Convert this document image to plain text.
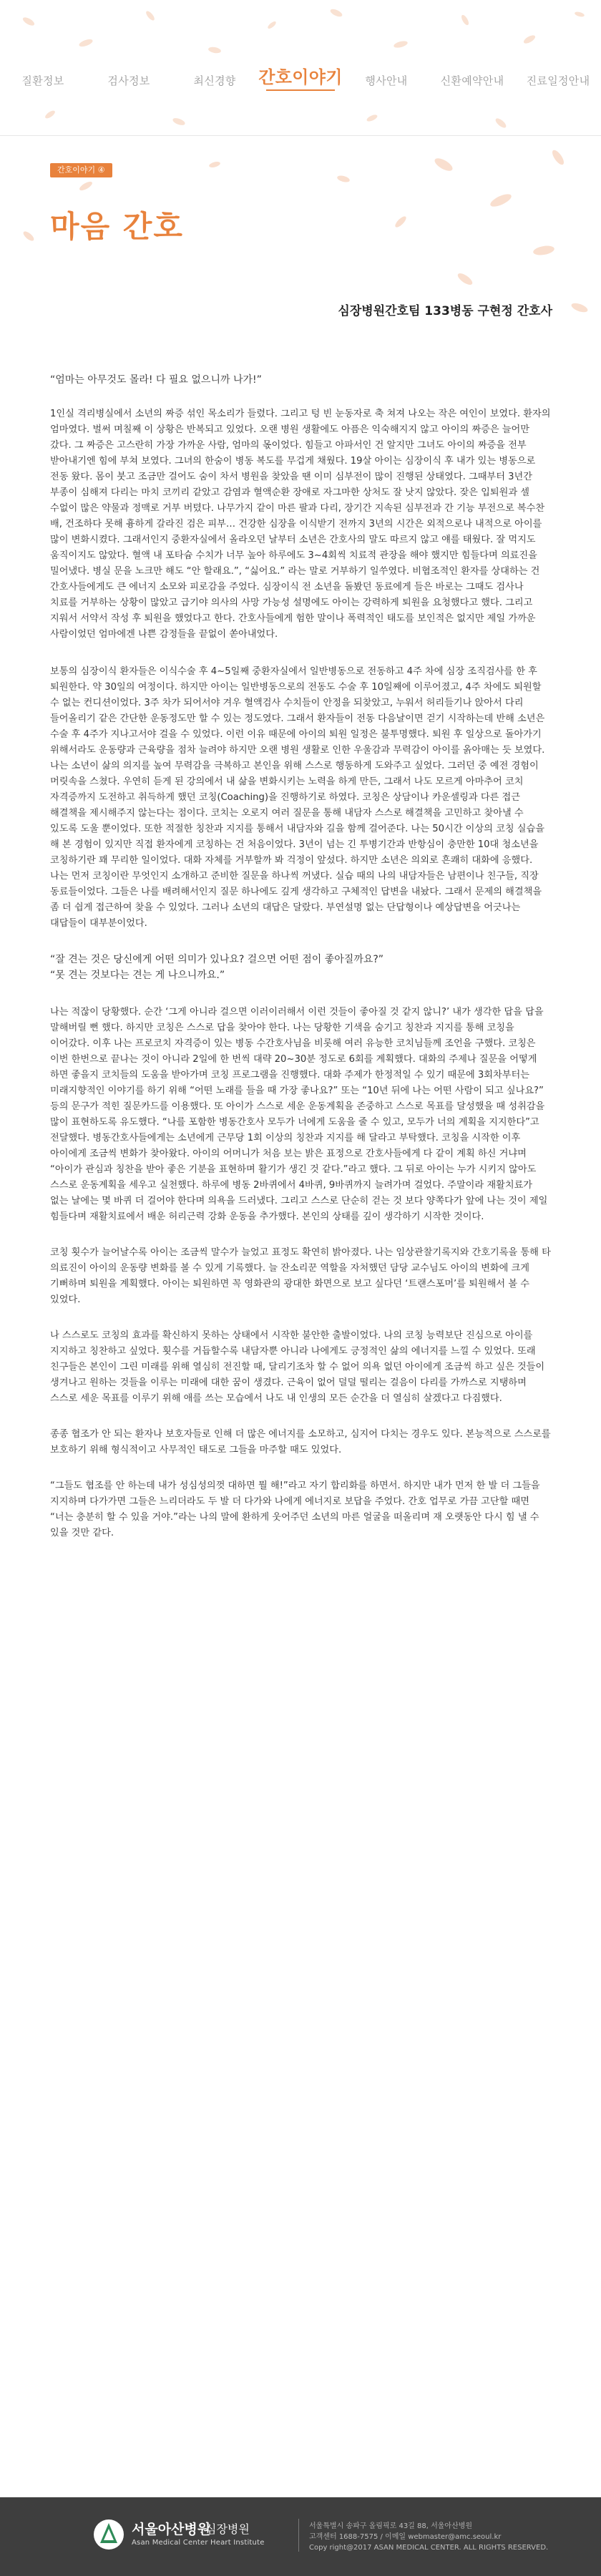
질환정보	검사정보	최신경향	간호이야기	행사안내	신환예약안내	진료일정안내
간호이야기 ④
마음 간호
심장병원간호팀 133병동 구현정 간호사

“엄마는 아무것도 몰라! 다 필요 없으니까 나가!”

1인실 격리병실에서 소년의 짜증 섞인 목소리가 들렸다. 그리고 텅 빈 눈동자로 축 쳐져 나오는 작은 여인이 보였다. 환자의 엄마였다. 벌써 며칠째 이 상황은 반복되고 있었다. 오랜 병원 생활에도 아픔은 익숙해지지 않고 아이의 짜증은 늘어만 갔다. 그 짜증은 고스란히 가장 가까운 사람, 엄마의 몫이었다. 힘들고 아파서인 건 알지만 그녀도 아이의 짜증을 전부 받아내기엔 힘에 부쳐 보였다. 그녀의 한숨이 병동 복도를 무겁게 채웠다. 19살 아이는 심장이식 후 내가 있는 병동으로 전동 왔다. 몸이 붓고 조금만 걸어도 숨이 차서 병원을 찾았을 땐 이미 심부전이 많이 진행된 상태였다. 그때부터 3년간 부종이 심해져 다리는 마치 코끼리 같았고 감염과 혈액순환 장애로 자그마한 상처도 잘 낫지 않았다. 잦은 입퇴원과 셀 수없이 많은 약물과 정맥로 거부 버텼다. 나무가지 같이 마른 팔과 다리, 장기간 지속된 심부전과 간 기능 부전으로 복수찬 배, 건조하다 못해 흉하게 갈라진 검은 피부… 건강한 심장을 이식받기 전까지 3년의 시간은 외적으로나 내적으로 아이를 많이 변화시켰다. 그래서인지 중환자실에서 올라오던 날부터 소년은 간호사의 말도 따르지 않고 얘를 태웠다. 잘 먹지도 움직이지도 않았다. 혈액 내 포타슘 수치가 너무 높아 하루에도 3~4회씩 치료적 관장을 해야 했지만 힘들다며 의료진을 밀어냈다. 병실 문을 노크만 해도 “안 할래요.”, “싫어요.” 라는 말로 거부하기 일쑤였다. 비협조적인 환자를 상대하는 건 간호사들에게도 큰 에너지 소모와 피로감을 주었다. 심장이식 전 소년을 돌봤던 동료에게 들은 바로는 그때도 검사나 치료를 거부하는 상황이 많았고 급기야 의사의 사망 가능성 설명에도 아이는 강력하게 퇴원을 요청했다고 했다. 그리고 지워서 서약서 작성 후 퇴원을 했었다고 한다. 간호사들에게 험한 말이나 폭력적인 태도를 보인적은 없지만 제일 가까운 사람이었던 엄마에겐 나쁜 감정들을 끝없이 쏟아내었다.

보통의 심장이식 환자들은 이식수술 후 4~5일째 중환자실에서 일반병동으로 전동하고 4주 차에 심장 조직검사를 한 후 퇴원한다. 약 30일의 여정이다. 하지만 아이는 일반병동으로의 전동도 수술 후 10일째에 이루어졌고, 4주 차에도 퇴원할 수 없는 컨디션이었다. 3주 차가 되어서야 겨우 혈액검사 수치들이 안정을 되찾았고, 누워서 허리들기나 앉아서 다리 들어올리기 같은 간단한 운동정도만 할 수 있는 정도였다. 그래서 환자들이 전동 다음날이면 걷기 시작하는데 반해 소년은 수술 후 4주가 지나고서야 걸을 수 있었다. 이런 이유 때문에 아이의 퇴원 일정은 불투명했다. 퇴원 후 일상으로 돌아가기 위해서라도 운동량과 근육량을 점차 늘려야 하지만 오랜 병원 생활로 인한 우울감과 무력감이 아이를 옭아매는 듯 보였다. 나는 소년이 삶의 의지를 높여 무력감을 극복하고 본인을 위해 스스로 행동하게 도와주고 싶었다. 그러던 중 예전 경험이 머릿속을 스쳤다. 우연히 듣게 된 강의에서 내 삶을 변화시키는 노력을 하게 만든, 그래서 나도 모르게 아마추어 코치 자격증까지 도전하고 취득하게 했던 코칭(Coaching)을 진행하기로 하였다. 코칭은 상담이나 카운셀링과 다른 접근 해결책을 제시해주지 않는다는 점이다. 코치는 오로지 여러 질문을 통해 내담자 스스로 해결책을 고민하고 찾아낼 수 있도록 도울 뿐이었다. 또한 적절한 칭찬과 지지를 통해서 내담자와 길을 함께 걸어준다. 나는 50시간 이상의 코칭 실습을 해 본 경험이 있지만 직접 환자에게 코칭하는 건 처음이었다. 3년이 넘는 긴 투병기간과 반항심이 충만한 10대 청소년을 코칭하기란 꽤 무리한 일이었다. 대화 자체를 거부할까 봐 걱정이 앞섰다. 하지만 소년은 의외로 흔쾌히 대화에 응했다. 나는 먼저 코칭이란 무엇인지 소개하고 준비한 질문을 하나씩 꺼냈다. 실습 때의 나의 내담자들은 남편이나 친구들, 직장 동료들이었다. 그들은 나를 배려해서인지 질문 하나에도 깊게 생각하고 구체적인 답변을 내놨다. 그래서 문제의 해결책을 좀 더 쉽게 접근하여 찾을 수 있었다. 그러나 소년의 대답은 달랐다. 부연설명 없는 단답형이나 예상답변을 어긋나는 대답들이 대부분이었다.

“잘 견는 것은 당신에게 어떤 의미가 있나요? 걸으면 어떤 점이 좋아질까요?”

“못 견는 것보다는 견는 게 나으니까요.”

나는 적잖이 당황했다. 순간 ‘그게 아니라 걸으면 이러이러해서 이런 것들이 좋아질 것 같지 않니?’ 내가 생각한 답을 답을 말해버릴 뻔 했다. 하지만 코칭은 스스로 답을 찾아야 한다. 나는 당황한 기색을 숨기고 칭찬과 지지를 통해 코칭을 이어갔다. 이후 나는 프로코치 자격증이 있는 병동 수간호사님을 비롯해 여러 유능한 코치님들께 조언을 구했다. 코칭은 이번 한번으로 끝나는 것이 아니라 2일에 한 번씩 대략 20~30분 정도로 6회를 계획했다. 대화의 주제나 질문을 어떻게 하면 좋을지 코치들의 도움을 받아가며 코칭 프로그램을 진행했다. 대화 주제가 한정적일 수 있기 때문에 3회차부터는 미래지향적인 이야기를 하기 위해 “어떤 노래를 들을 때 가장 좋나요?” 또는 “10년 뒤에 나는 어떤 사람이 되고 싶나요?” 등의 문구가 적힌 질문카드를 이용했다. 또 아이가 스스로 세운 운동계획을 존중하고 스스로 목표를 달성했을 때 성취감을 많이 표현하도록 유도했다. “나를 포함한 병동간호사 모두가 너에게 도움을 줄 수 있고, 모두가 너의 계획을 지지한다”고 전달했다. 병동간호사들에게는 소년에게 근무당 1회 이상의 칭찬과 지지를 해 달라고 부탁했다. 코칭을 시작한 이후 아이에게 조금씩 변화가 찾아왔다. 아이의 어머니가 처음 보는 밝은 표정으로 간호사들에게 다 같이 계획 하신 거냐며 “아이가 관심과 칭찬을 받아 좋은 기분을 표현하며 활기가 생긴 것 같다.”라고 했다. 그 뒤로 아이는 누가 시키지 않아도 스스로 운동계획을 세우고 실천했다. 하루에 병동 2바퀴에서 4바퀴, 9바퀴까지 늘려가며 걸었다. 주말이라 재활치료가 없는 날에는 몇 바퀴 더 걸어야 한다며 의욕을 드러냈다. 그리고 스스로 단순히 걷는 것 보다 양쪽다가 앞에 나는 것이 제일 힘들다며 재활치료에서 배운 허리근력 강화 운동을 추가했다. 본인의 상태를 깊이 생각하기 시작한 것이다.

코칭 횟수가 늘어날수록 아이는 조금씩 말수가 늘었고 표정도 확연히 밝아졌다. 나는 임상관찰기록지와 간호기록을 통해 타 의료진이 아이의 운동량 변화를 볼 수 있게 기록했다. 늘 잔소리꾼 역할을 자처했던 담당 교수님도 아이의 변화에 크게 기뻐하며 퇴원을 계획했다. 아이는 퇴원하면 꼭 영화관의 광대한 화면으로 보고 싶다던 ‘트랜스포머’를 퇴원해서 볼 수 있었다.

나 스스로도 코칭의 효과를 확신하지 못하는 상태에서 시작한 불안한 출발이었다. 나의 코칭 능력보단 진심으로 아이를 지지하고 칭찬하고 싶었다. 횟수를 거듭할수록 내담자뿐 아니라 나에게도 긍정적인 삶의 에너지를 느낄 수 있었다. 또래 친구들은 본인이 그린 미래를 위해 열심히 전진할 때, 달리기조차 할 수 없어 의욕 없던 아이에게 조금씩 하고 싶은 것들이 생겨나고 원하는 것들을 이루는 미래에 대한 꿈이 생겼다. 근육이 없어 덜덜 떨리는 걸음이 다리를 가까스로 지탱하며 스스로 세운 목표를 이루기 위해 애를 쓰는 모습에서 나도 내 인생의 모든 순간을 더 열심히 살겠다고 다짐했다.

종종 협조가 안 되는 환자나 보호자들로 인해 더 많은 에너지를 소모하고, 심지어 다치는 경우도 있다. 본능적으로 스스로를 보호하기 위해 형식적이고 사무적인 태도로 그들을 마주할 때도 있었다.

“그들도 협조를 안 하는데 내가 성심성의껏 대하면 뭘 해!”라고 자기 합리화를 하면서. 하지만 내가 먼저 한 발 더 그들을 지지하며 다가가면 그들은 느리더라도 두 발 더 다가와 나에게 에너지로 보답을 주었다. 간호 업무로 가끔 고단할 때면 “너는 충분히 할 수 있을 거야.”라는 나의 말에 환하게 웃어주던 소년의 마른 얼굴을 떠올리며 재 오랫동안 다시 힘 낼 수 있을 것만 같다.

서울아산병원
심장병원
Asan Medical Center Heart Institute
서울특별시 송파구 올림픽로 43길 88, 서울아산병원
고객센터 1688-7575 / 이메일 webmaster@amc.seoul.kr
Copy right@2017 ASAN MEDICAL CENTER. ALL RIGHTS RESERVED.
